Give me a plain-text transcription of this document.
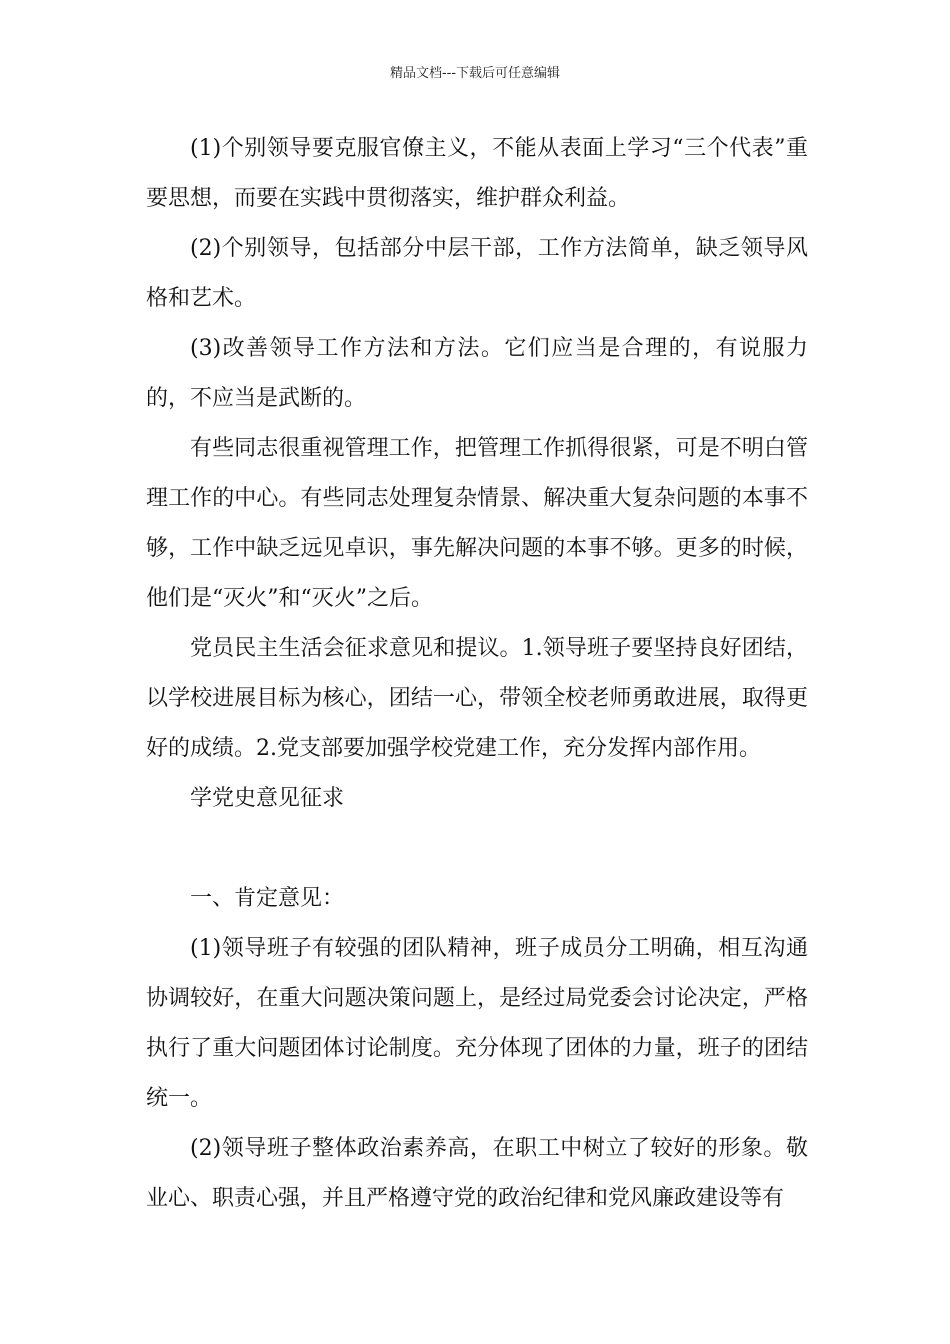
精品文档---下载后可任意编辑

(1)个别领导要克服官僚主义，不能从表面上学习“三个代表”重要思想，而要在实践中贯彻落实，维护群众利益。

(2)个别领导，包括部分中层干部，工作方法简单，缺乏领导风格和艺术。

(3)改善领导工作方法和方法。它们应当是合理的，有说服力的，不应当是武断的。

有些同志很重视管理工作，把管理工作抓得很紧，可是不明白管理工作的中心。有些同志处理复杂情景、解决重大复杂问题的本事不够，工作中缺乏远见卓识，事先解决问题的本事不够。更多的时候，他们是“灭火”和“灭火”之后。

党员民主生活会征求意见和提议。1.领导班子要坚持良好团结，以学校进展目标为核心，团结一心，带领全校老师勇敢进展，取得更好的成绩。2.党支部要加强学校党建工作，充分发挥内部作用。

学党史意见征求

一、肯定意见：

(1)领导班子有较强的团队精神，班子成员分工明确，相互沟通协调较好，在重大问题决策问题上，是经过局党委会讨论决定，严格执行了重大问题团体讨论制度。充分体现了团体的力量，班子的团结统一。

(2)领导班子整体政治素养高，在职工中树立了较好的形象。敬业心、职责心强，并且严格遵守党的政治纪律和党风廉政建设等有
